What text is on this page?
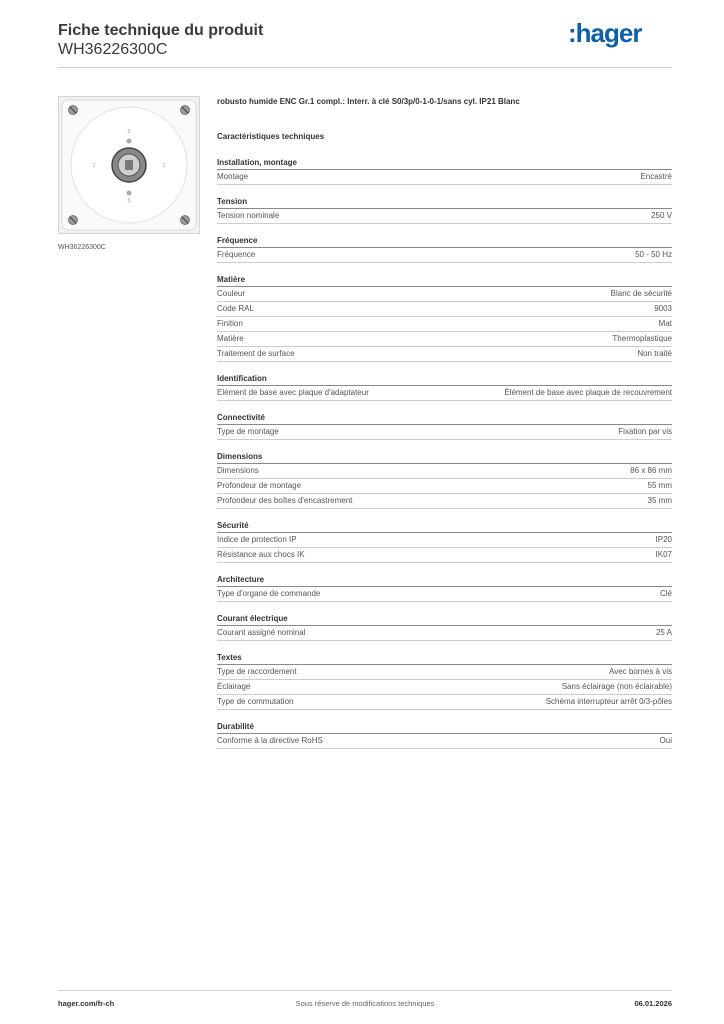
Fiche technique du produit
WH36226300C
:hager
0
0
1	1
WH36226300C
robusto humide ENC Gr.1 compl.: Interr. à clé S0/3p/0-1-0-1/sans cyl. IP21 Blanc
Caractéristiques techniques
Installation, montage
Montage	Encastré
Tension
Tension nominale	250 V
Fréquence
Fréquence	50 - 50 Hz
Matière
Couleur	Blanc de sécurité
Code RAL	9003
Finition	Mat
Matière	Thermoplastique
Traitement de surface	Non traité
Identification
Elément de base avec plaque d'adaptateur	Élément de base avec plaque de recouvrement
Connectivité
Type de montage	Fixation par vis
Dimensions
Dimensions	86 x 86 mm
Profondeur de montage	55 mm
Profondeur des boîtes d'encastrement	35 mm
Sécurité
Indice de protection IP	IP20
Résistance aux chocs IK	IK07
Architecture
Type d'organe de commande	Clé
Courant électrique
Courant assigné nominal	25 A
Textes
Type de raccordement	Avec bornes à vis
Éclairage	Sans éclairage (non éclairable)
Type de commutation	Schéma interrupteur arrêt 0/3-pôles
Durabilité
Conforme à la directive RoHS	Oui
hager.com/fr-ch	Sous réserve de modifications techniques	06.01.2026
